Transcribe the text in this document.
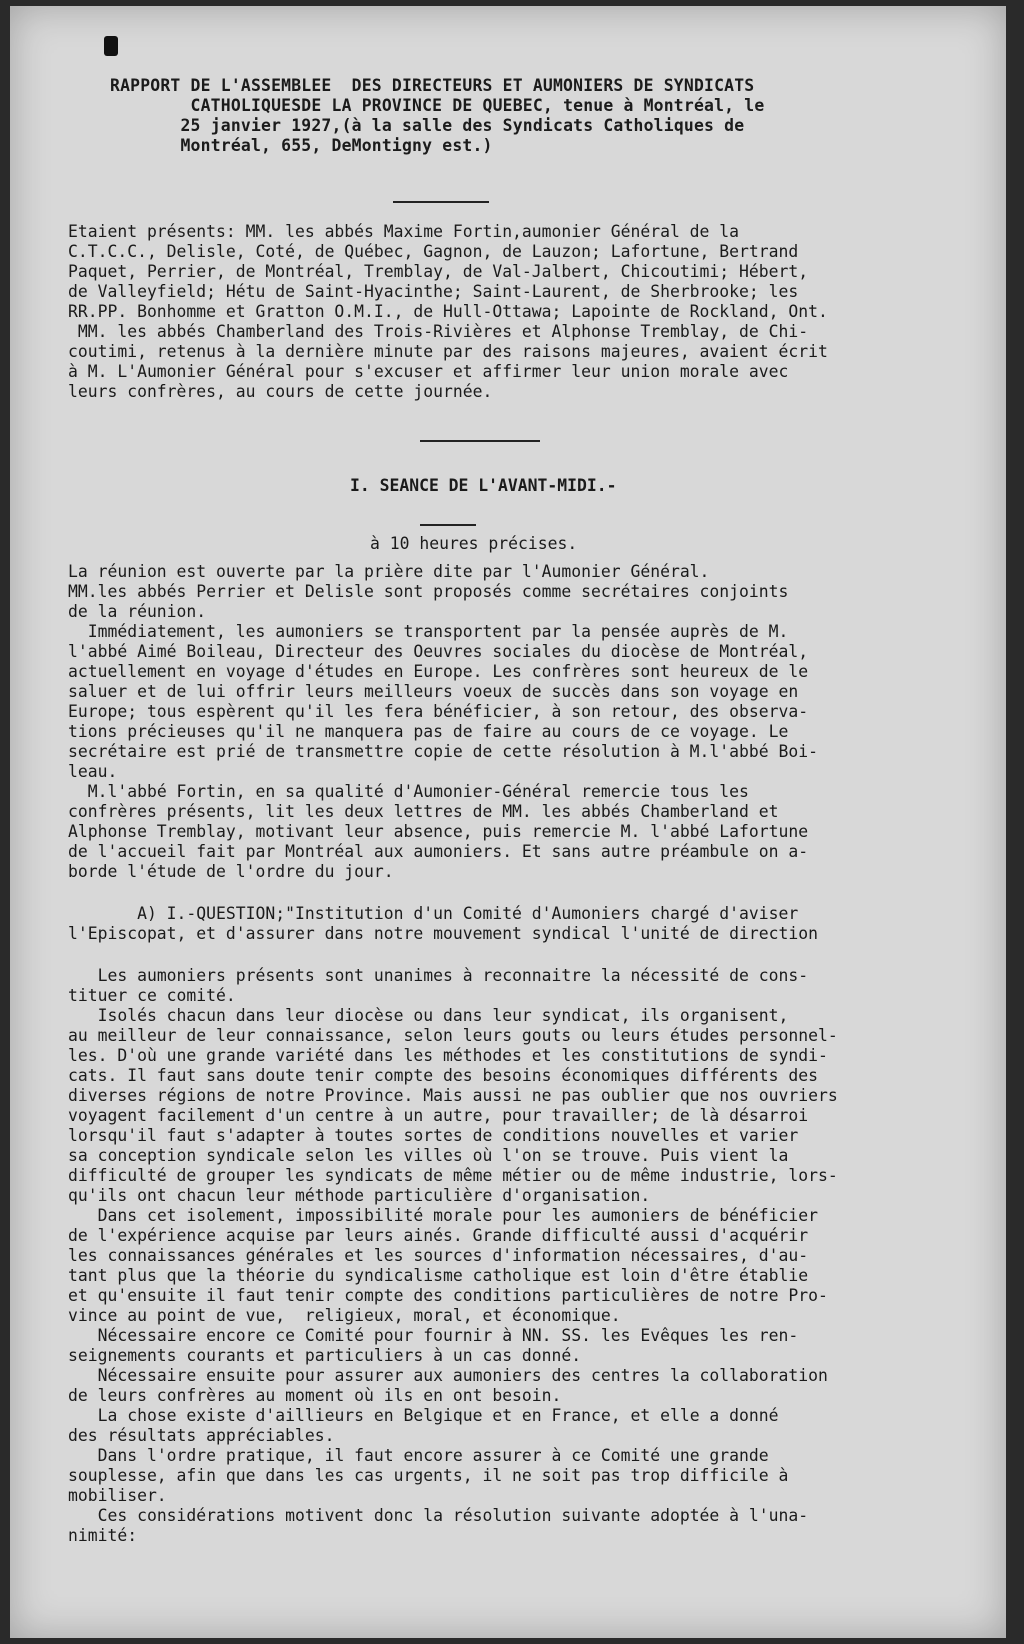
RAPPORT DE L'ASSEMBLEE  DES DIRECTEURS ET AUMONIERS DE SYNDICATS
CATHOLIQUESDE LA PROVINCE DE QUEBEC, tenue à Montréal, le
25 janvier 1927,(à la salle des Syndicats Catholiques de
Montréal, 655, DeMontigny est.)
Etaient présents: MM. les abbés Maxime Fortin,aumonier Général de la
C.T.C.C., Delisle, Coté, de Québec, Gagnon, de Lauzon; Lafortune, Bertrand
Paquet, Perrier, de Montréal, Tremblay, de Val-Jalbert, Chicoutimi; Hébert,
de Valleyfield; Hétu de Saint-Hyacinthe; Saint-Laurent, de Sherbrooke; les
RR.PP. Bonhomme et Gratton O.M.I., de Hull-Ottawa; Lapointe de Rockland, Ont.
MM. les abbés Chamberland des Trois-Rivières et Alphonse Tremblay, de Chi-
coutimi, retenus à la dernière minute par des raisons majeures, avaient écrit
à M. L'Aumonier Général pour s'excuser et affirmer leur union morale avec
leurs confrères, au cours de cette journée.
I. SEANCE DE L'AVANT-MIDI.-
à 10 heures précises.
La réunion est ouverte par la prière dite par l'Aumonier Général.
MM.les abbés Perrier et Delisle sont proposés comme secrétaires conjoints
de la réunion.
Immédiatement, les aumoniers se transportent par la pensée auprès de M.
l'abbé Aimé Boileau, Directeur des Oeuvres sociales du diocèse de Montréal,
actuellement en voyage d'études en Europe. Les confrères sont heureux de le
saluer et de lui offrir leurs meilleurs voeux de succès dans son voyage en
Europe; tous espèrent qu'il les fera bénéficier, à son retour, des observa-
tions précieuses qu'il ne manquera pas de faire au cours de ce voyage. Le
secrétaire est prié de transmettre copie de cette résolution à M.l'abbé Boi-
leau.
M.l'abbé Fortin, en sa qualité d'Aumonier-Général remercie tous les
confrères présents, lit les deux lettres de MM. les abbés Chamberland et
Alphonse Tremblay, motivant leur absence, puis remercie M. l'abbé Lafortune
de l'accueil fait par Montréal aux aumoniers. Et sans autre préambule on a-
borde l'étude de l'ordre du jour.
A) I.-QUESTION;"Institution d'un Comité d'Aumoniers chargé d'aviser
l'Episcopat, et d'assurer dans notre mouvement syndical l'unité de direction
Les aumoniers présents sont unanimes à reconnaitre la nécessité de cons-
tituer ce comité.
Isolés chacun dans leur diocèse ou dans leur syndicat, ils organisent,
au meilleur de leur connaissance, selon leurs gouts ou leurs études personnel-
les. D'où une grande variété dans les méthodes et les constitutions de syndi-
cats. Il faut sans doute tenir compte des besoins économiques différents des
diverses régions de notre Province. Mais aussi ne pas oublier que nos ouvriers
voyagent facilement d'un centre à un autre, pour travailler; de là désarroi
lorsqu'il faut s'adapter à toutes sortes de conditions nouvelles et varier
sa conception syndicale selon les villes où l'on se trouve. Puis vient la
difficulté de grouper les syndicats de même métier ou de même industrie, lors-
qu'ils ont chacun leur méthode particulière d'organisation.
Dans cet isolement, impossibilité morale pour les aumoniers de bénéficier
de l'expérience acquise par leurs ainés. Grande difficulté aussi d'acquérir
les connaissances générales et les sources d'information nécessaires, d'au-
tant plus que la théorie du syndicalisme catholique est loin d'être établie
et qu'ensuite il faut tenir compte des conditions particulières de notre Pro-
vince au point de vue,  religieux, moral, et économique.
Nécessaire encore ce Comité pour fournir à NN. SS. les Evêques les ren-
seignements courants et particuliers à un cas donné.
Nécessaire ensuite pour assurer aux aumoniers des centres la collaboration
de leurs confrères au moment où ils en ont besoin.
La chose existe d'aillieurs en Belgique et en France, et elle a donné
des résultats appréciables.
Dans l'ordre pratique, il faut encore assurer à ce Comité une grande
souplesse, afin que dans les cas urgents, il ne soit pas trop difficile à
mobiliser.
Ces considérations motivent donc la résolution suivante adoptée à l'una-
nimité:
